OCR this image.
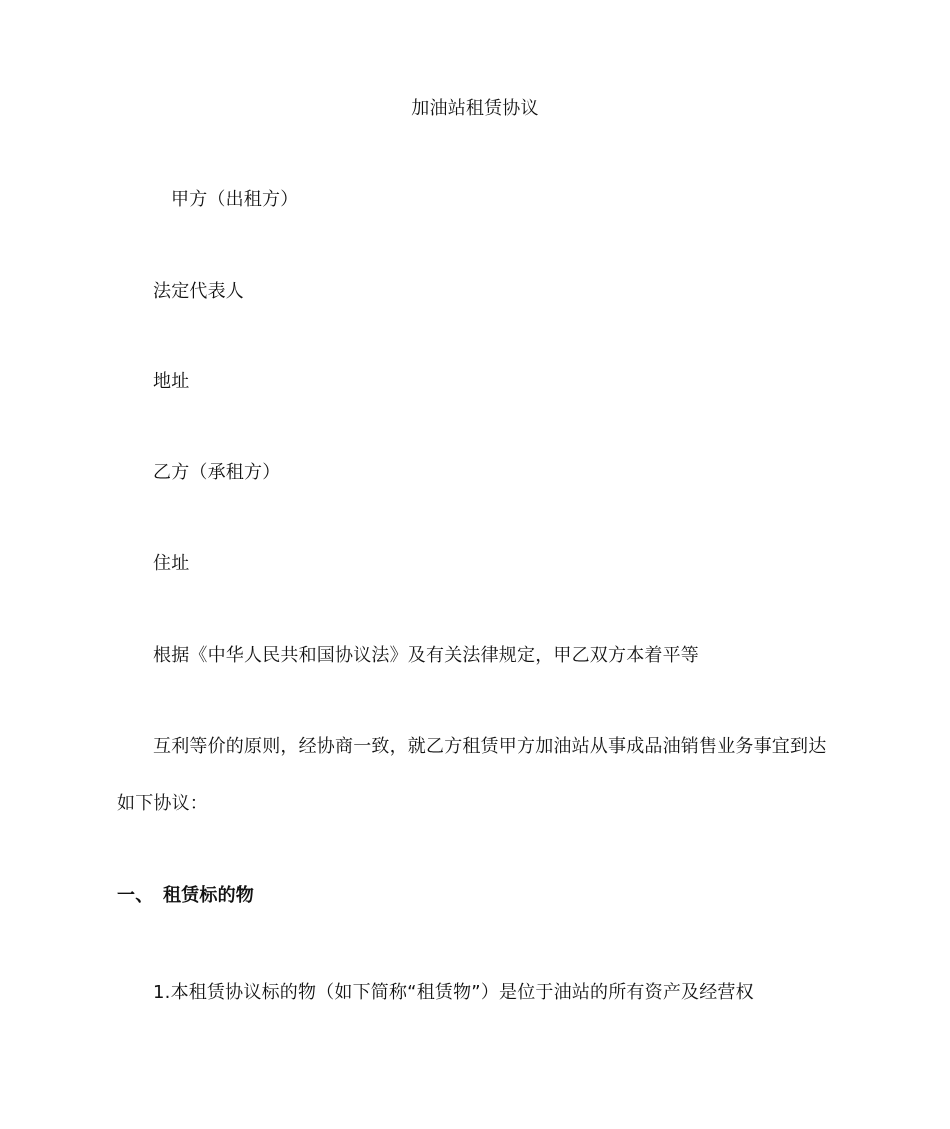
加油站租赁协议
甲方（出租方）
法定代表人
地址
乙方（承租方）
住址
根据《中华人民共和国协议法》及有关法律规定，甲乙双方本着平等
互利等价的原则，经协商一致，就乙方租赁甲方加油站从事成品油销售业务事宜到达
如下协议：
一、 租赁标的物
1.本租赁协议标的物（如下简称“租赁物”）是位于油站的所有资产及经营权
